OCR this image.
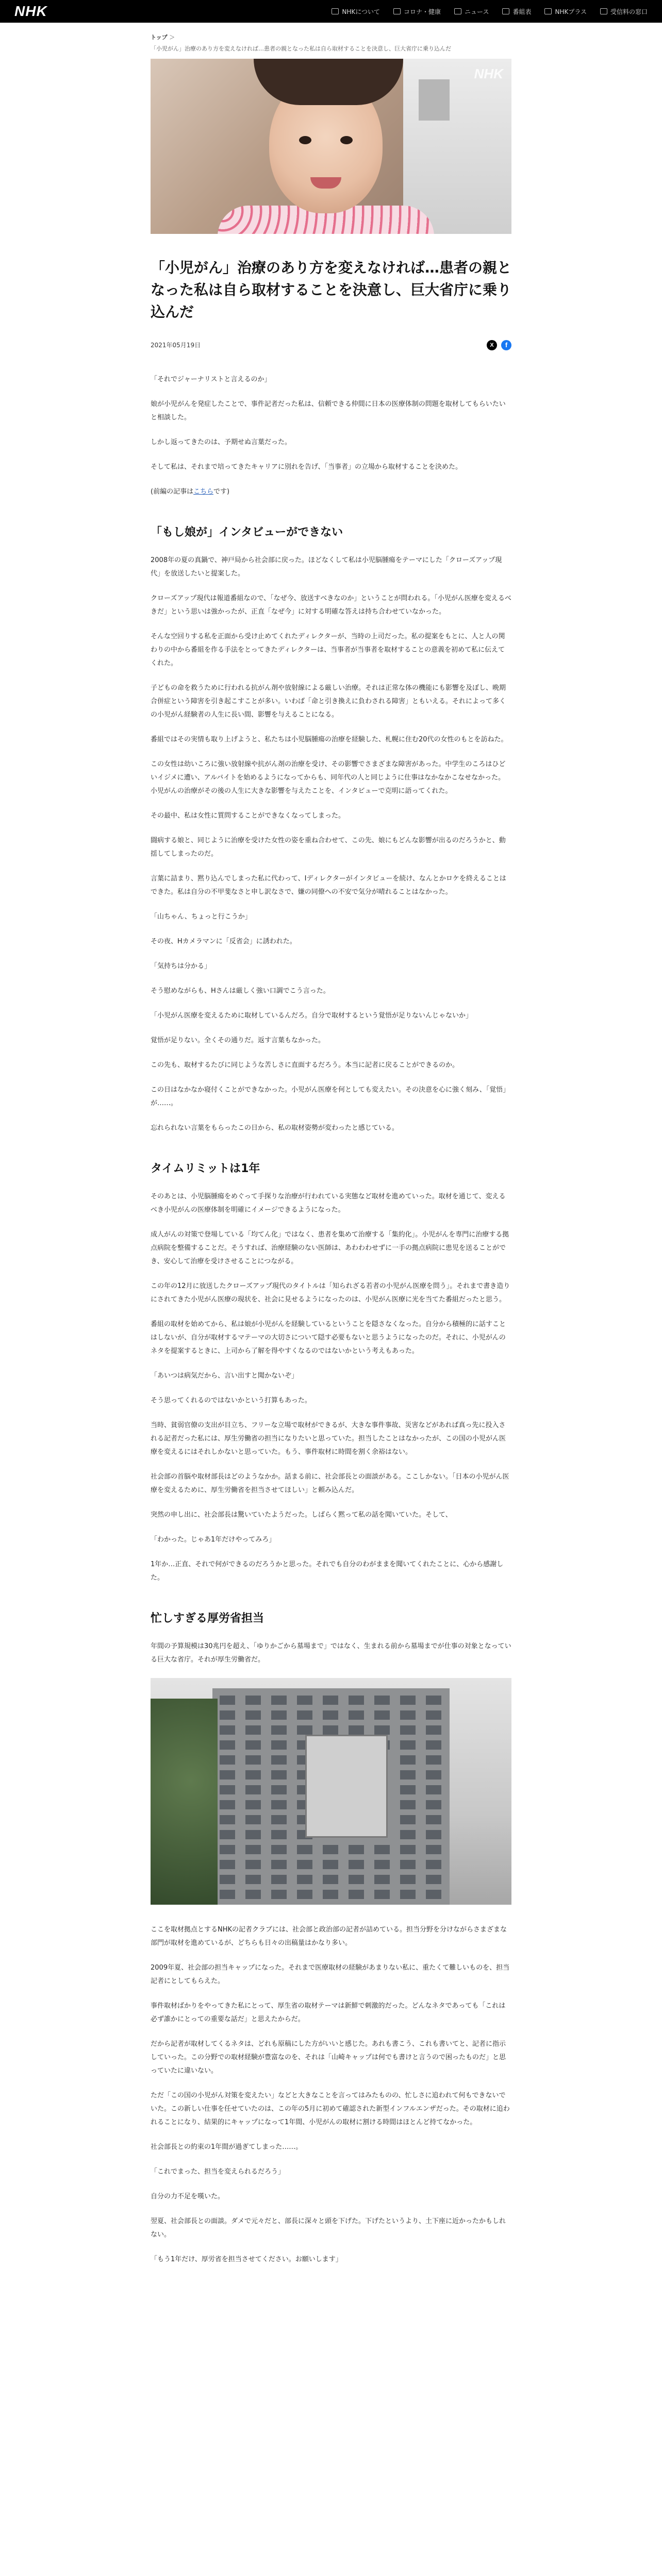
NHK	NHKについて	コロナ・健康	ニュース	番組表	NHKプラス	受信料の窓口
トップ ＞
「小児がん」治療のあり方を変えなければ…患者の親となった私は自ら取材することを決意し、巨大省庁に乗り込んだ
NHK
「小児がん」治療のあり方を変えなければ…患者の親となった私は自ら取材することを決意し、巨大省庁に乗り込んだ
2021年05月19日	X	f

「それでジャーナリストと言えるのか」

娘が小児がんを発症したことで、事件記者だった私は、信頼できる仲間に日本の医療体制の問題を取材してもらいたいと相談した。

しかし返ってきたのは、予期せぬ言葉だった。

そして私は、それまで培ってきたキャリアに別れを告げ、「当事者」の立場から取材することを決めた。

(前編の記事はこちらです)

「もし娘が」インタビューができない

2008年の夏の真鍋で、神戸局から社会部に戻った。ほどなくして私は小児脳腫瘍をテーマにした「クローズアップ現代」を放送したいと提案した。

クローズアップ現代は報道番組なので、「なぜ今、放送すべきなのか」ということが問われる。「小児がん医療を変えるべきだ」という思いは強かったが、正直「なぜ今」に対する明確な答えは持ち合わせていなかった。

そんな空回りする私を正面から受け止めてくれたディレクターが、当時の上司だった。私の提案をもとに、人と人の関わりの中から番組を作る手法をとってきたディレクターは、当事者が当事者を取材することの意義を初めて私に伝えてくれた。

子どもの命を救うために行われる抗がん剤や放射線による厳しい治療。それは正常な体の機能にも影響を及ぼし、晩期合併症という障害を引き起こすことが多い。いわば「命と引き換えに負わされる障害」ともいえる。それによって多くの小児がん経験者の人生に長い間、影響を与えることになる。

番組ではその実情も取り上げようと、私たちは小児脳腫瘍の治療を経験した、札幌に住む20代の女性のもとを訪ねた。

この女性は幼いころに強い放射線や抗がん剤の治療を受け、その影響でさまざまな障害があった。中学生のころはひどいイジメに遭い、アルバイトを始めるようになってからも、同年代の人と同じように仕事はなかなかこなせなかった。小児がんの治療がその後の人生に大きな影響を与えたことを、インタビューで克明に語ってくれた。

その最中、私は女性に質問することができなくなってしまった。

闘病する娘と、同じように治療を受けた女性の姿を重ね合わせて、この先、娘にもどんな影響が出るのだろうかと、動揺してしまったのだ。

言葉に詰まり、黙り込んでしまった私に代わって、Iディレクターがインタビューを続け、なんとかロケを終えることはできた。私は自分の不甲斐なさと申し訳なさで、嫌の同僚への不安で気分が晴れることはなかった。

「山ちゃん、ちょっと行こうか」

その夜、Hカメラマンに「反省会」に誘われた。

「気持ちは分かる」

そう慰めながらも、Hさんは厳しく強い口調でこう言った。

「小児がん医療を変えるために取材しているんだろ。自分で取材するという覚悟が足りないんじゃないか」

覚悟が足りない。全くその通りだ。返す言葉もなかった。

この先も、取材するたびに同じような苦しさに直面するだろう。本当に記者に戻ることができるのか。

この日はなかなか寝付くことができなかった。小児がん医療を何としても変えたい。その決意を心に強く刻み、「覚悟」が……。

忘れられない言葉をもらったこの日から、私の取材姿勢が変わったと感じている。

タイムリミットは1年

そのあとは、小児脳腫瘍をめぐって手探りな治療が行われている実態など取材を進めていった。取材を通じて、変えるべき小児がんの医療体制を明確にイメージできるようになった。

成人がんの対策で登場している「均てん化」ではなく、患者を集めて治療する「集約化」。小児がんを専門に治療する拠点病院を整備することだ。そうすれば、治療経験のない医師は、あわわわせずに一手の拠点病院に患児を送ることができ、安心して治療を受けさせることにつながる。

この年の12月に放送したクローズアップ現代のタイトルは「知られざる若者の小児がん医療を問う」。それまで書き造りにされてきた小児がん医療の現状を、社会に見せるようになったのは、小児がん医療に光を当てた番組だったと思う。

番組の取材を始めてから、私は娘が小児がんを経験しているということを隠さなくなった。自分から積極的に話すことはしないが、自分が取材するマテーマの大切さについて隠す必要もないと思うようになったのだ。それに、小児がんのネタを提案するときに、上司から了解を得やすくなるのではないかという考えもあった。

「あいつは病気だから、言い出すと聞かないぞ」

そう思ってくれるのではないかという打算もあった。

当時、貧弱官僚の支出が目立ち、フリーな立場で取材ができるが、大きな事件事故、災害などがあれば真っ先に投入される記者だった私には、厚生労働省の担当になりたいと思っていた。担当したことはなかったが、この国の小児がん医療を変えるにはそれしかないと思っていた。もう、事件取材に時間を割く余裕はない。

社会部の首脳や取材部長はどのようなかか。話まる前に、社会部長との面談がある。ここしかない。「日本の小児がん医療を変えるために、厚生労働省を担当させてほしい」と頼み込んだ。

突然の申し出に、社会部長は驚いていたようだった。しばらく黙って私の話を聞いていた。そして、

「わかった。じゃあ1年だけやってみろ」

1年か…正直、それで何ができるのだろうかと思った。それでも自分のわがままを聞いてくれたことに、心から感謝した。

忙しすぎる厚労省担当

年間の予算規模は30兆円を超え、「ゆりかごから墓場まで」ではなく、生まれる前から墓場までが仕事の対象となっている巨大な省庁。それが厚生労働省だ。

ここを取材拠点とするNHKの記者クラブには、社会部と政治部の記者が詰めている。担当分野を分けながらさまざまな部門が取材を進めているが、どちらも日々の出稿量はかなり多い。

2009年夏、社会部の担当キャップになった。それまで医療取材の経験があまりない私に、重たくて難しいものを、担当記者にとしてもらえた。

事件取材ばかりをやってきた私にとって、厚生省の取材テーマは新鮮で刺激的だった。どんなネタであっても「これは必ず誰かにとっての重要な話だ」と思えたからだ。

だから記者が取材してくるネタは、どれも原稿にした方がいいと感じた。あれも書こう、これも書いてと、記者に指示していった。この分野での取材経験が豊富なのを、それは「山崎キャップは何でも書けと言うので困ったものだ」と思っていたに違いない。

ただ「この国の小児がん対策を変えたい」などと大きなことを言ってはみたものの、忙しさに追われて何もできないでいた。この新しい仕事を任せていたのは、この年の5月に初めて確認された新型インフルエンザだった。その取材に追われることになり、結果的にキャップになって1年間、小児がんの取材に割ける時間はほとんど持てなかった。

社会部長との約束の1年間が過ぎてしまった……。

「これでまった、担当を変えられるだろう」

自分の力不足を嘆いた。

翌夏、社会部長との面談。ダメで元々だと、部長に深々と頭を下げた。下げたというより、土下座に近かったかもしれない。

「もう1年だけ、厚労省を担当させてください。お願いします」
